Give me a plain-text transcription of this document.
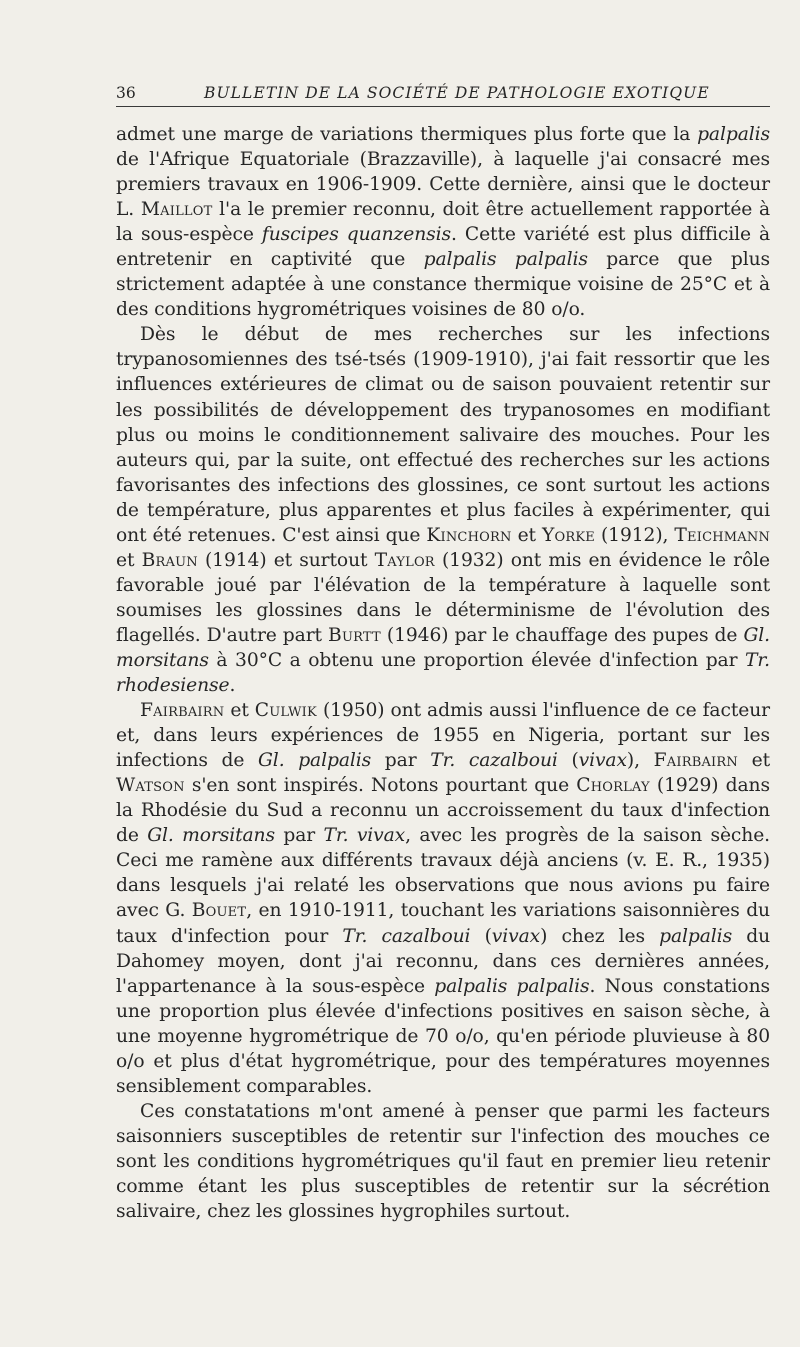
36	BULLETIN DE LA SOCIÉTÉ DE PATHOLOGIE EXOTIQUE

admet une marge de variations thermiques plus forte que la palpalis de l'Afrique Equatoriale (Brazzaville), à laquelle j'ai consacré mes premiers travaux en 1906-1909. Cette dernière, ainsi que le docteur L. Maillot l'a le premier reconnu, doit être actuellement rapportée à la sous-espèce fuscipes quanzensis. Cette variété est plus difficile à entretenir en captivité que palpalis palpalis parce que plus strictement adaptée à une constance thermique voisine de 25°C et à des conditions hygrométriques voisines de 80 o/o.

Dès le début de mes recherches sur les infections trypanosomiennes des tsé-tsés (1909-1910), j'ai fait ressortir que les influences extérieures de climat ou de saison pouvaient retentir sur les possibilités de développement des trypanosomes en modifiant plus ou moins le conditionnement salivaire des mouches. Pour les auteurs qui, par la suite, ont effectué des recherches sur les actions favorisantes des infections des glossines, ce sont surtout les actions de température, plus apparentes et plus faciles à expérimenter, qui ont été retenues. C'est ainsi que Kinchorn et Yorke (1912), Teichmann et Braun (1914) et surtout Taylor (1932) ont mis en évidence le rôle favorable joué par l'élévation de la température à laquelle sont soumises les glossines dans le déterminisme de l'évolution des flagellés. D'autre part Burtt (1946) par le chauffage des pupes de Gl. morsitans à 30°C a obtenu une proportion élevée d'infection par Tr. rhodesiense.

Fairbairn et Culwik (1950) ont admis aussi l'influence de ce facteur et, dans leurs expériences de 1955 en Nigeria, portant sur les infections de Gl. palpalis par Tr. cazalboui (vivax), Fairbairn et Watson s'en sont inspirés. Notons pourtant que Chorlay (1929) dans la Rhodésie du Sud a reconnu un accroissement du taux d'infection de Gl. morsitans par Tr. vivax, avec les progrès de la saison sèche. Ceci me ramène aux différents travaux déjà anciens (v. E. R., 1935) dans lesquels j'ai relaté les observations que nous avions pu faire avec G. Bouet, en 1910-1911, touchant les variations saisonnières du taux d'infection pour Tr. cazalboui (vivax) chez les palpalis du Dahomey moyen, dont j'ai reconnu, dans ces dernières années, l'appartenance à la sous-espèce palpalis palpalis. Nous constations une proportion plus élevée d'infections positives en saison sèche, à une moyenne hygrométrique de 70 o/o, qu'en période pluvieuse à 80 o/o et plus d'état hygrométrique, pour des températures moyennes sensiblement comparables.

Ces constatations m'ont amené à penser que parmi les facteurs saisonniers susceptibles de retentir sur l'infection des mouches ce sont les conditions hygrométriques qu'il faut en premier lieu retenir comme étant les plus susceptibles de retentir sur la sécrétion salivaire, chez les glossines hygrophiles surtout.
